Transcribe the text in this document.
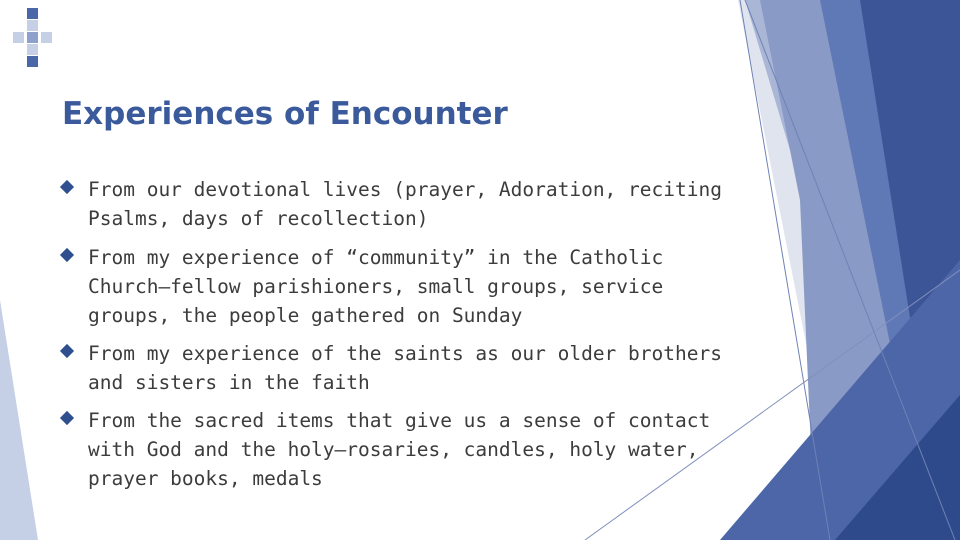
Experiences of Encounter
From our devotional lives (prayer, Adoration, reciting Psalms, days of recollection)
From my experience of “community” in the Catholic Church—fellow parishioners, small groups, service groups, the people gathered on Sunday
From my experience of the saints as our older brothers and sisters in the faith
From the sacred items that give us a sense of contact with God and the holy—rosaries, candles, holy water, prayer books, medals
